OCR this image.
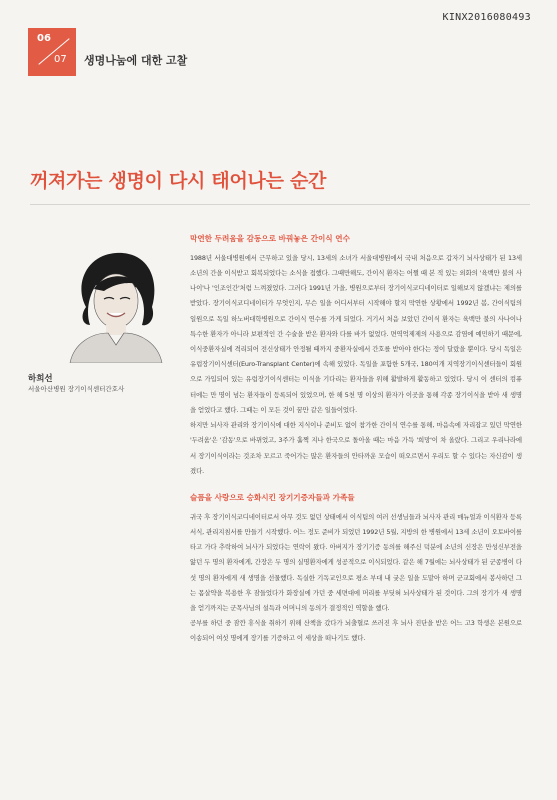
KINX2016080493
06
07 생명나눔에 대한 고찰
꺼져가는 생명이 다시 태어나는 순간
하희선
서울아산병원 장기이식센터간호사
막연한 두려움을 감동으로 바꿔놓은 간이식 연수

1988년 서울대병원에서 근무하고 있을 당시, 13세의 소녀가 서울대병원에서 국내 처음으로 갑자기 뇌사상태가 된 13세 소년의 간을 이식받고 회복되었다는 소식을 접했다. 그때만해도, 간이식 환자는 어쩔 때 본 적 있는 외화의 '육백만 불의 사나이'나 '인조인간'처럼 느껴졌었다. 그러다 1991년 가을, 병원으로부터 장기이식코디네이터로 일해보지 않겠냐는 제의를 받았다. 장기이식코디네이터가 무엇인지, 무슨 일을 어디서부터 시작해야 할지 막연한 상황에서 1992년 봄, 간이식팀의 일원으로 독일 하노버대학병원으로 간이식 연수를 가게 되었다. 거기서 처음 보았던 간이식 환자는 육백만 불의 사나이나 특수한 환자가 아니라 보편적인 간 수술을 받은 환자와 다를 바가 없었다. 면역억제제의 사용으로 감염에 예민하기 때문에, 이식중환자실에 격리되어 전신상태가 안정될 때까지 중환자실에서 간호를 받아야 한다는 정이 달랐을 뿐이다. 당시 독일은 유럽장기이식센터(Euro-Transplant Center)에 속해 있었다. 독일을 포함한 5개국, 180여개 지역장기이식센터들이 회원으로 가입되어 있는 유럽장기이식센터는 이식을 기다리는 환자들을 위해 활발하게 활동하고 있었다. 당시 이 센터의 컴퓨터에는 만 명이 넘는 환자들이 등록되어 있었으며, 한 해 5천 명 이상의 환자가 이곳을 통해 각종 장기이식을 받아 새 생명을 얻었다고 했다. 그때는 이 모든 것이 꿈만 같은 일들이었다.

하지만 뇌사자 관리와 장기이식에 대한 지식이나 준비도 없이 참가한 간이식 연수를 통해, 마음속에 자리잡고 있던 막연한 '두려움'은 '감동'으로 바뀌었고, 3주가 훌쩍 지나 한국으로 돌아올 때는 마음 가득 '희망'이 차 올랐다. 그리고 우리나라에서 장기이식이라는 것조차 모르고 죽어가는 많은 환자들의 안타까운 모습이 떠오르면서 우리도 할 수 있다는 자신감이 생겼다.

슬픔을 사랑으로 승화시킨 장기기증자들과 가족들

귀국 후 장기이식코디네이터로서 아무 것도 없던 상태에서 이식팀의 여러 선생님들과 뇌사자 관리 매뉴얼과 이식환자 등록서식, 관리지침서를 만들기 시작했다. 어느 정도 준비가 되었던 1992년 5월, 지방의 한 병원에서 13세 소년이 오토바이를 타고 가다 추락하여 뇌사가 되었다는 연락이 왔다. 아버지가 장기기증 동의를 해주신 덕분에 소년의 신장은 만성신부전을 앓던 두 명의 환자에게, 간장은 두 명의 실명환자에게 성공적으로 이식되었다. 같은 해 7월에는 뇌사상태가 된 군종병이 다섯 명의 환자에게 새 생명을 선물했다. 독실한 기독교인으로 평소 부대 내 궂은 일을 도맡아 하며 군교회에서 봉사하던 그는 몸살약을 복용한 후 잠들었다가 화장실에 가던 중 세면대에 머리를 부딪혀 뇌사상태가 된 것이다. 그의 장기가 새 생명을 얻기까지는 군목사님의 설득과 어머니의 동의가 결정적인 역할을 했다.

공부를 하던 중 잠깐 휴식을 취하기 위해 산책을 갔다가 뇌출혈로 쓰러진 후 뇌사 진단을 받은 어느 고3 학생은 본원으로 이송되어 여섯 명에게 장기를 기증하고 이 세상을 떠나기도 했다.
